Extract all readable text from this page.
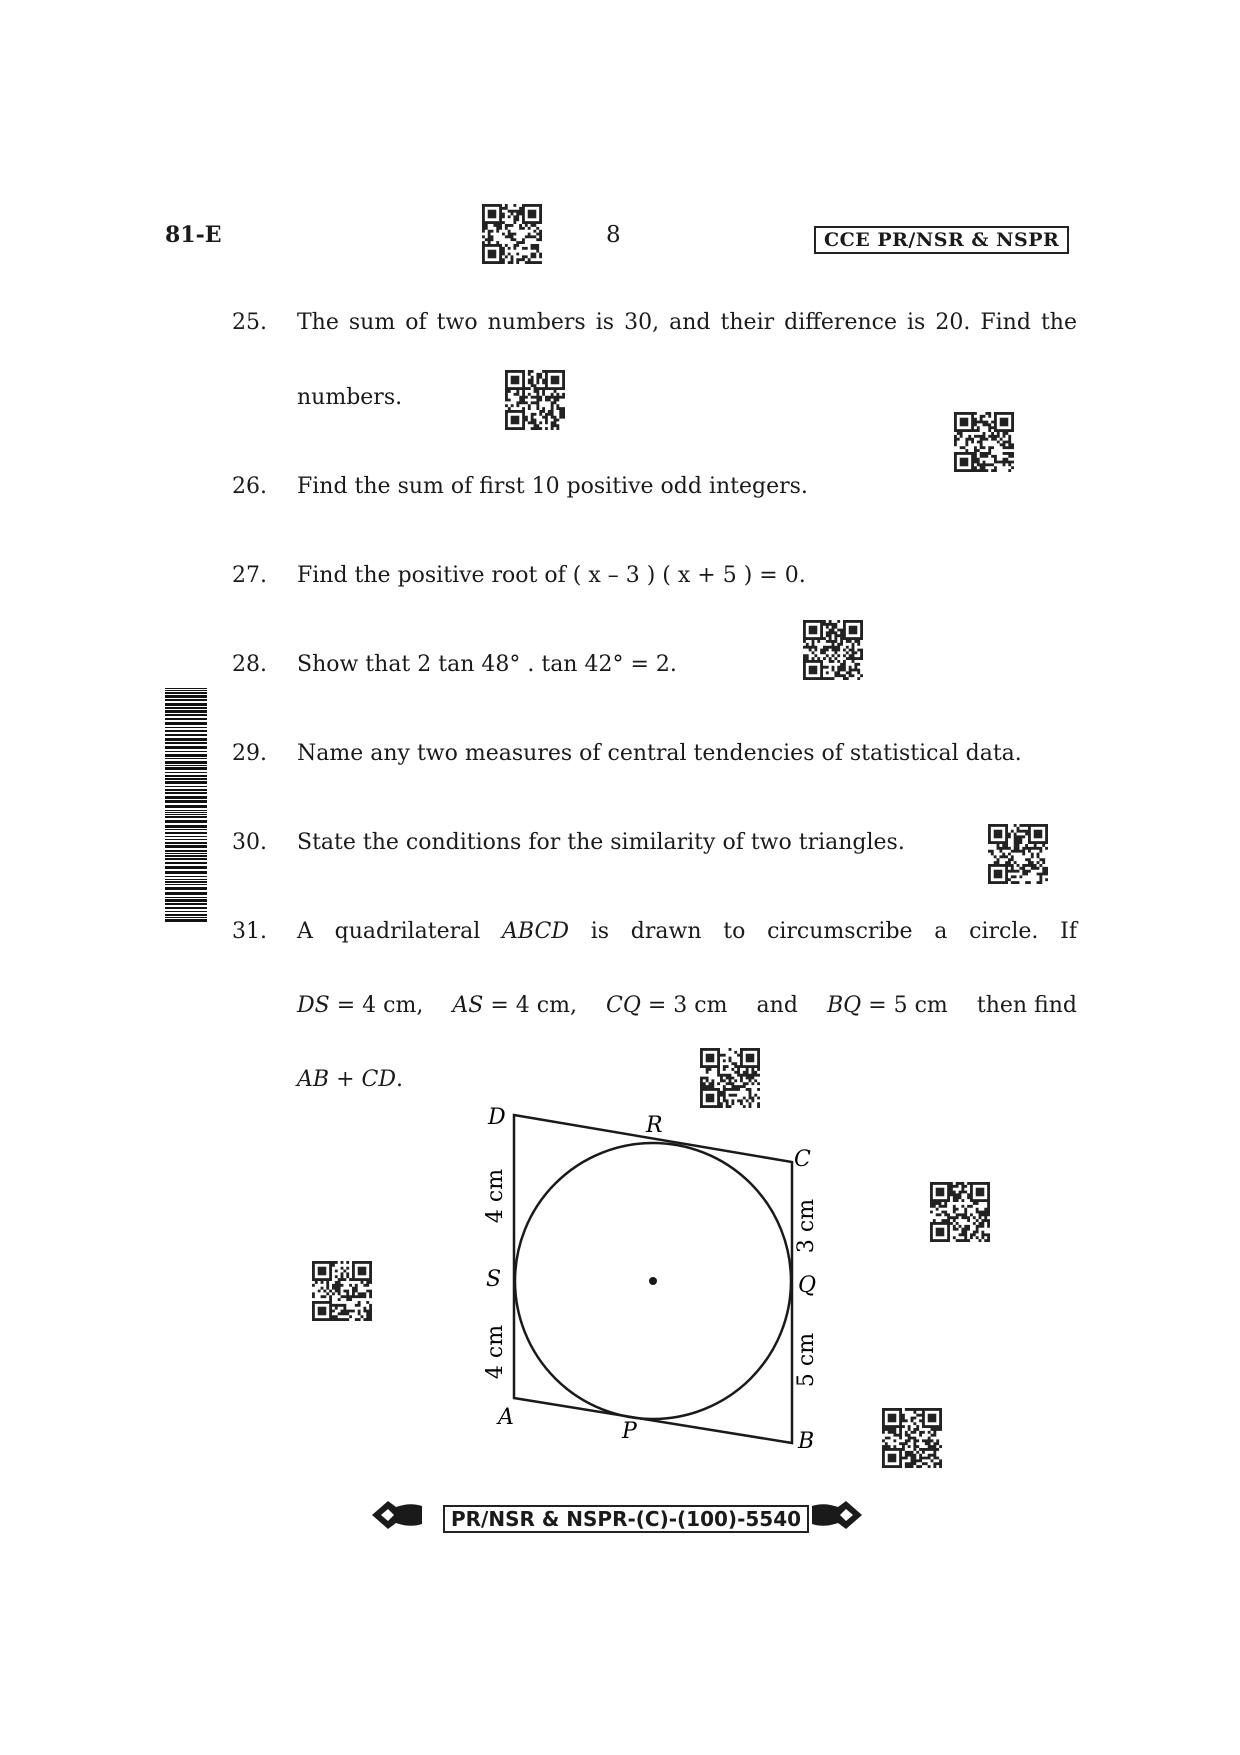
81-E	8	CCE PR/NSR & NSPR
25. The sum of two numbers is 30, and their difference is 20. Find the
numbers.
26. Find the sum of first 10 positive odd integers.
27. Find the positive root of ( x – 3 ) ( x + 5 ) = 0.
28. Show that 2 tan 48° . tan 42° = 2.
29. Name any two measures of central tendencies of statistical data.
30. State the conditions for the similarity of two triangles.
31. A quadrilateral ABCD is drawn to circumscribe a circle. If
DS = 4 cm, AS = 4 cm, CQ = 3 cm and BQ = 5 cm then find
AB + CD.
D
C
B
A
R
S	Q
P
4 cm
4 cm
3 cm
5 cm
PR/NSR & NSPR-(C)-(100)-5540
